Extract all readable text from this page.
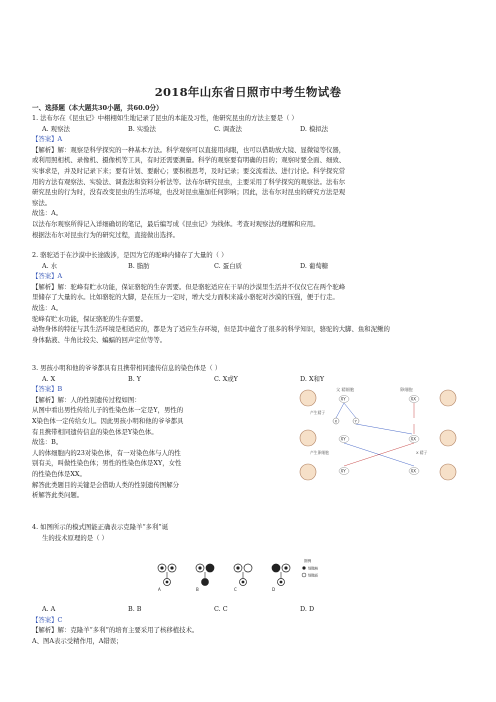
2018年山东省日照市中考生物试卷
一、选择题（本大题共30小题，共60.0分）
1. 法布尔在《昆虫记》中栩栩如生地记录了昆虫的本能及习性，他研究昆虫的方法主要是（ ）
A. 观察法	B. 实验法	C. 调查法	D. 模拟法
【答案】A
【解析】解：观察是科学探究的一种基本方法。科学观察可以直接用肉眼，也可以借助放大镜、显微镜等仪器，
或利用照相机、录像机、摄像机等工具，有时还需要测量。科学的观察要有明确的目的；观察时要全面、细致、
实事求是，并及时记录下来；要有计划、要耐心；要积极思考，及时记录；要交流看法、进行讨论。科学探究常
用的方法有观察法、实验法、调查法和资料分析法等。法布尔研究昆虫，主要采用了科学探究的观察法。法布尔
研究昆虫的行为时，没有改变昆虫的生活环境，也没对昆虫施加任何影响；因此，法布尔对昆虫的研究方法是观
察法。
故选：A。
以法布尔观察所得记入详细确切的笔记，最后编写成《昆虫记》为线体。考查对观察法的理解和应用。
根据法布尔对昆虫行为的研究过程，直接做出选择。
2. 骆驼适于在沙漠中长途跋涉，是因为它的驼峰内储存了大量的（ ）
A. 水	B. 脂肪	C. 蛋白质	D. 葡萄糖
【答案】A
【解析】解：驼峰有贮水功能，保证骆驼的生存需要。但是骆驼适应在干旱的沙漠里生活并不仅仅它在两个驼峰
里储存了大量的水。比如骆驼的大脚，是在压力一定时，增大受力面积来减小骆驼对沙漠的压强，便于行走。
故选：A。
驼峰有贮水功能，保证骆驼的生存需要。
动物身体的特征与其生活环境是相适应的，都是为了适应生存环境，但是其中蕴含了很多的科学知识，骆驼的大脚、鱼和泥鳅的
身体黏液、牛角比较尖、蝙蝠的回声定位等等。
3. 男孩小明和他的爷爷都具有且携带相同遗传信息的染色体是（ ）
A. X	B. Y	C. X或Y	D. X和Y
【答案】B
【解析】解：人的性别遗传过程如图：
从图中看出男性传给儿子的性染色体一定是Y，男性的
X染色体一定传给女儿。因此男孩小明和他的爷爷都具
有且携带相同遗传信息的染色体是Y染色体。
故选：B。
人的体细胞内的23对染色体，有一对染色体与人的性
别有关，叫做性染色体；男性的性染色体是XY，女性
的性染色体是XX。
解答此类题目的关键是会借助人类的性别遗传图解分
析解答此类问题。
父 精细胞	卵细胞
XY	XX
产生精子
X	Y
XY	XX
产生卵细胞	X 精子
XY	XX
4. 如图所示的模式图能正确表示克隆羊“多利”诞
生的技术原理的是（ ）
A	B	C	D
图例
细胞核
细胞质
A. A	B. B	C. C	D. D
【答案】C
【解析】解：克隆羊“多利”的培育主要采用了核移植技术。
A、图A表示受精作用，A错误；
